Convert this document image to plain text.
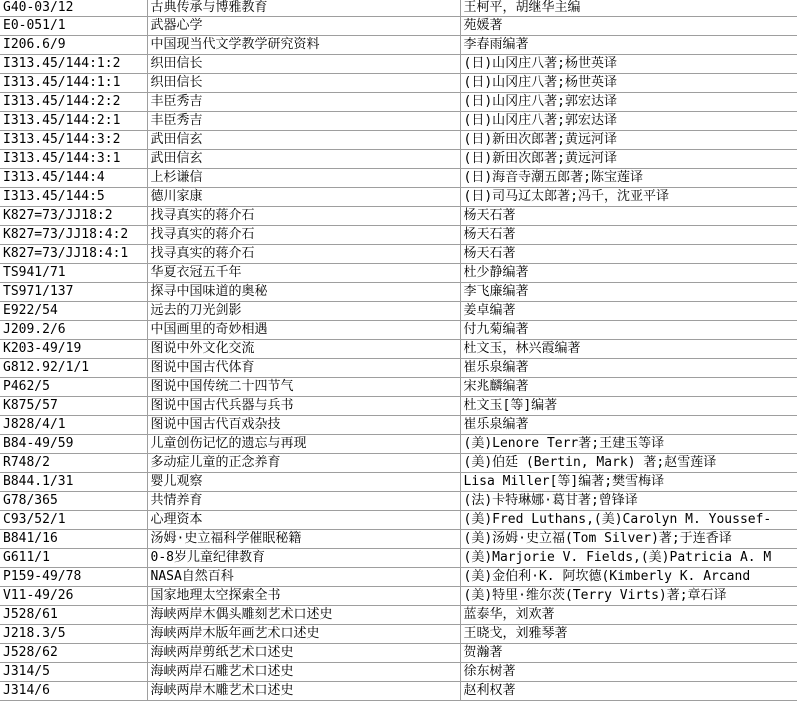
G40-03/12	古典传承与博雅教育	王柯平，胡继华主编
E0-051/1	武器心学	苑媛著
I206.6/9	中国现当代文学教学研究资料	李春雨编著
I313.45/144:1:2	织田信长	(日)山冈庄八著;杨世英译
I313.45/144:1:1	织田信长	(日)山冈庄八著;杨世英译
I313.45/144:2:2	丰臣秀吉	(日)山冈庄八著;郭宏达译
I313.45/144:2:1	丰臣秀吉	(日)山冈庄八著;郭宏达译
I313.45/144:3:2	武田信玄	(日)新田次郎著;黄远河译
I313.45/144:3:1	武田信玄	(日)新田次郎著;黄远河译
I313.45/144:4	上杉谦信	(日)海音寺潮五郎著;陈宝莲译
I313.45/144:5	德川家康	(日)司马辽太郎著;冯千，沈亚平译
K827=73/JJ18:2	找寻真实的蒋介石	杨天石著
K827=73/JJ18:4:2	找寻真实的蒋介石	杨天石著
K827=73/JJ18:4:1	找寻真实的蒋介石	杨天石著
TS941/71	华夏衣冠五千年	杜少静编著
TS971/137	探寻中国味道的奥秘	李飞廉编著
E922/54	远去的刀光剑影	姜卓编著
J209.2/6	中国画里的奇妙相遇	付九菊编著
K203-49/19	图说中外文化交流	杜文玉，林兴霞编著
G812.92/1/1	图说中国古代体育	崔乐泉编著
P462/5	图说中国传统二十四节气	宋兆麟编著
K875/57	图说中国古代兵器与兵书	杜文玉[等]编著
J828/4/1	图说中国古代百戏杂技	崔乐泉编著
B84-49/59	儿童创伤记忆的遗忘与再现	(美)Lenore Terr著;王建玉等译
R748/2	多动症儿童的正念养育	(美)伯廷 (Bertin, Mark) 著;赵雪莲译
B844.1/31	婴儿观察	Lisa Miller[等]编著;樊雪梅译
G78/365	共情养育	(法)卡特琳娜·葛甘著;曾锋译
C93/52/1	心理资本	(美)Fred Luthans,(美)Carolyn M. Youssef-
B841/16	汤姆·史立福科学催眠秘籍	(美)汤姆·史立福(Tom Silver)著;于连香译
G611/1	0-8岁儿童纪律教育	(美)Marjorie V. Fields,(美)Patricia A. M
P159-49/78	NASA自然百科	(美)金伯利·K. 阿坎德(Kimberly K. Arcand
V11-49/26	国家地理太空探索全书	(美)特里·维尔茨(Terry Virts)著;章石译
J528/61	海峡两岸木偶头雕刻艺术口述史	蓝泰华，刘欢著
J218.3/5	海峡两岸木版年画艺术口述史	王晓戈，刘雅琴著
J528/62	海峡两岸剪纸艺术口述史	贺瀚著
J314/5	海峡两岸石雕艺术口述史	徐东树著
J314/6	海峡两岸木雕艺术口述史	赵利权著
